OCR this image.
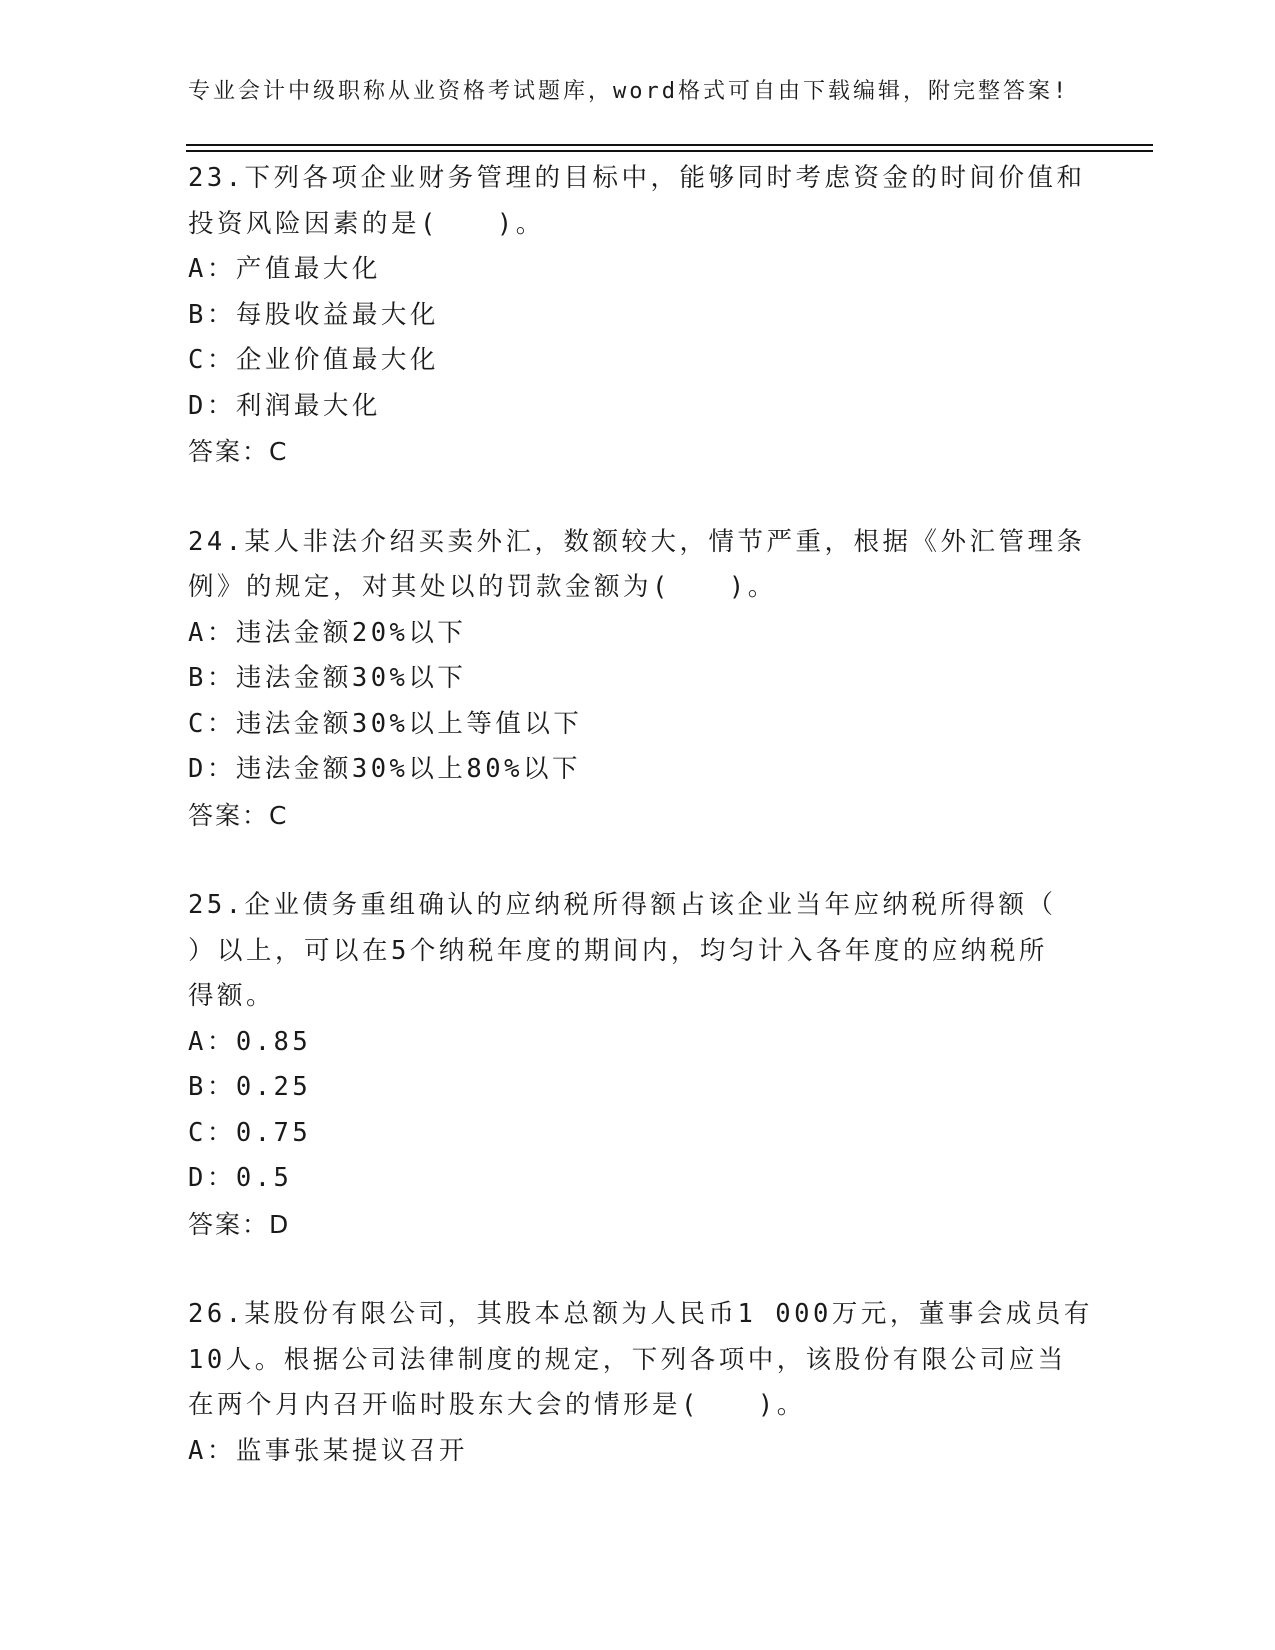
专业会计中级职称从业资格考试题库，word格式可自由下载编辑，附完整答案!
23.下列各项企业财务管理的目标中，能够同时考虑资金的时间价值和
投资风险因素的是(　　)。
A：产值最大化
B：每股收益最大化
C：企业价值最大化
D：利润最大化
答案：C
24.某人非法介绍买卖外汇，数额较大，情节严重，根据《外汇管理条
例》的规定，对其处以的罚款金额为(　　)。
A：违法金额20%以下
B：违法金额30%以下
C：违法金额30%以上等值以下
D：违法金额30%以上80%以下
答案：C
25.企业债务重组确认的应纳税所得额占该企业当年应纳税所得额（
）以上，可以在5个纳税年度的期间内，均匀计入各年度的应纳税所
得额。
A：0.85
B：0.25
C：0.75
D：0.5
答案：D
26.某股份有限公司，其股本总额为人民币1 000万元，董事会成员有
10人。根据公司法律制度的规定，下列各项中，该股份有限公司应当
在两个月内召开临时股东大会的情形是(　　)。
A：监事张某提议召开
